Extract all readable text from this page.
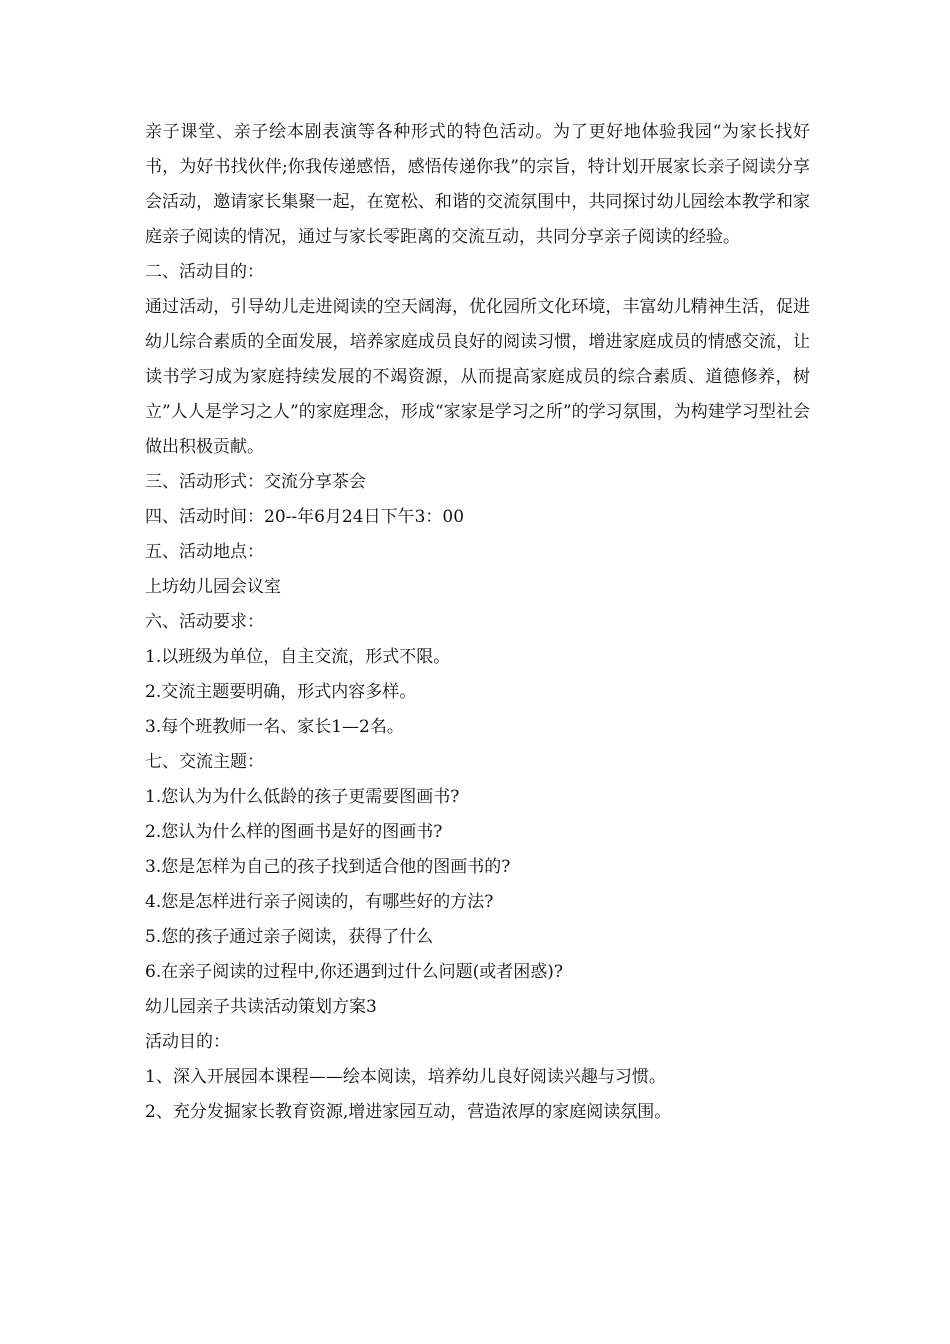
亲子课堂、亲子绘本剧表演等各种形式的特色活动。为了更好地体验我园“为家长找好书，为好书找伙伴;你我传递感悟，感悟传递你我”的宗旨，特计划开展家长亲子阅读分享会活动，邀请家长集聚一起，在宽松、和谐的交流氛围中，共同探讨幼儿园绘本教学和家庭亲子阅读的情况，通过与家长零距离的交流互动，共同分享亲子阅读的经验。

二、活动目的：

通过活动，引导幼儿走进阅读的空天阔海，优化园所文化环境，丰富幼儿精神生活，促进幼儿综合素质的全面发展，培养家庭成员良好的阅读习惯，增进家庭成员的情感交流，让读书学习成为家庭持续发展的不竭资源，从而提高家庭成员的综合素质、道德修养，树立”人人是学习之人”的家庭理念，形成“家家是学习之所”的学习氛围，为构建学习型社会做出积极贡献。

三、活动形式：交流分享茶会

四、活动时间：20--年6月24日下午3：00

五、活动地点：

上坊幼儿园会议室

六、活动要求：

1.以班级为单位，自主交流，形式不限。

2.交流主题要明确，形式内容多样。

3.每个班教师一名、家长1—2名。

七、交流主题：

1.您认为为什么低龄的孩子更需要图画书?

2.您认为什么样的图画书是好的图画书?

3.您是怎样为自己的孩子找到适合他的图画书的?

4.您是怎样进行亲子阅读的，有哪些好的方法?

5.您的孩子通过亲子阅读，获得了什么

6.在亲子阅读的过程中,你还遇到过什么问题(或者困惑)?

幼儿园亲子共读活动策划方案3

活动目的：

1、深入开展园本课程——绘本阅读，培养幼儿良好阅读兴趣与习惯。

2、充分发掘家长教育资源,增进家园互动，营造浓厚的家庭阅读氛围。
